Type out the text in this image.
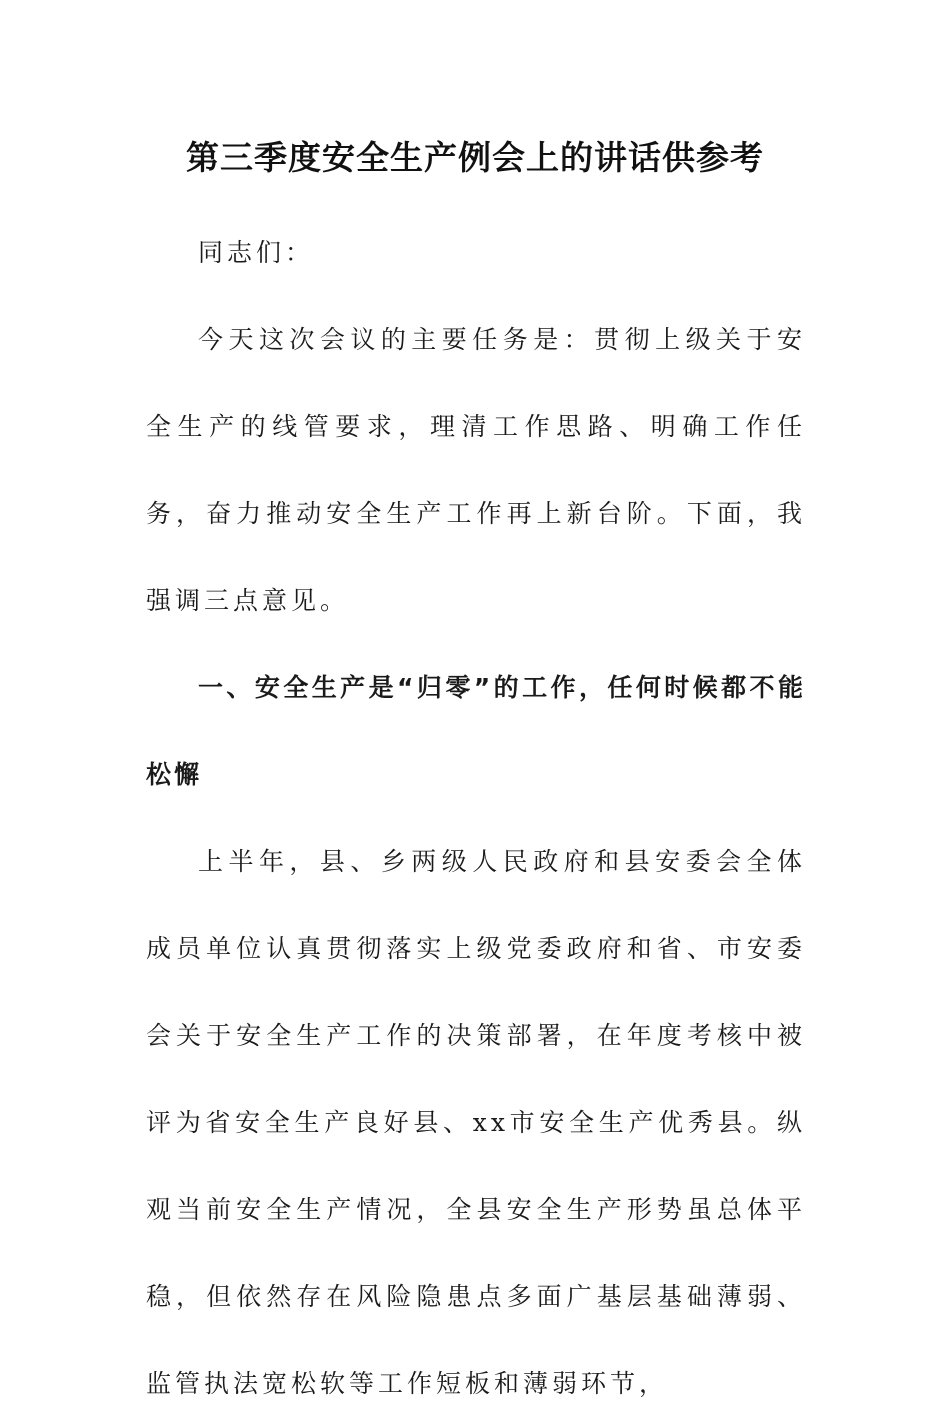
第三季度安全生产例会上的讲话供参考

同志们：

今天这次会议的主要任务是：贯彻上级关于安全生产的线管要求，理清工作思路、明确工作任务，奋力推动安全生产工作再上新台阶。下面，我强调三点意见。

一、安全生产是“归零”的工作，任何时候都不能松懈

上半年，县、乡两级人民政府和县安委会全体成员单位认真贯彻落实上级党委政府和省、市安委会关于安全生产工作的决策部署，在年度考核中被评为省安全生产良好县、xx市安全生产优秀县。纵观当前安全生产情况，全县安全生产形势虽总体平稳，但依然存在风险隐患点多面广基层基础薄弱、监管执法宽松软等工作短板和薄弱环节，
